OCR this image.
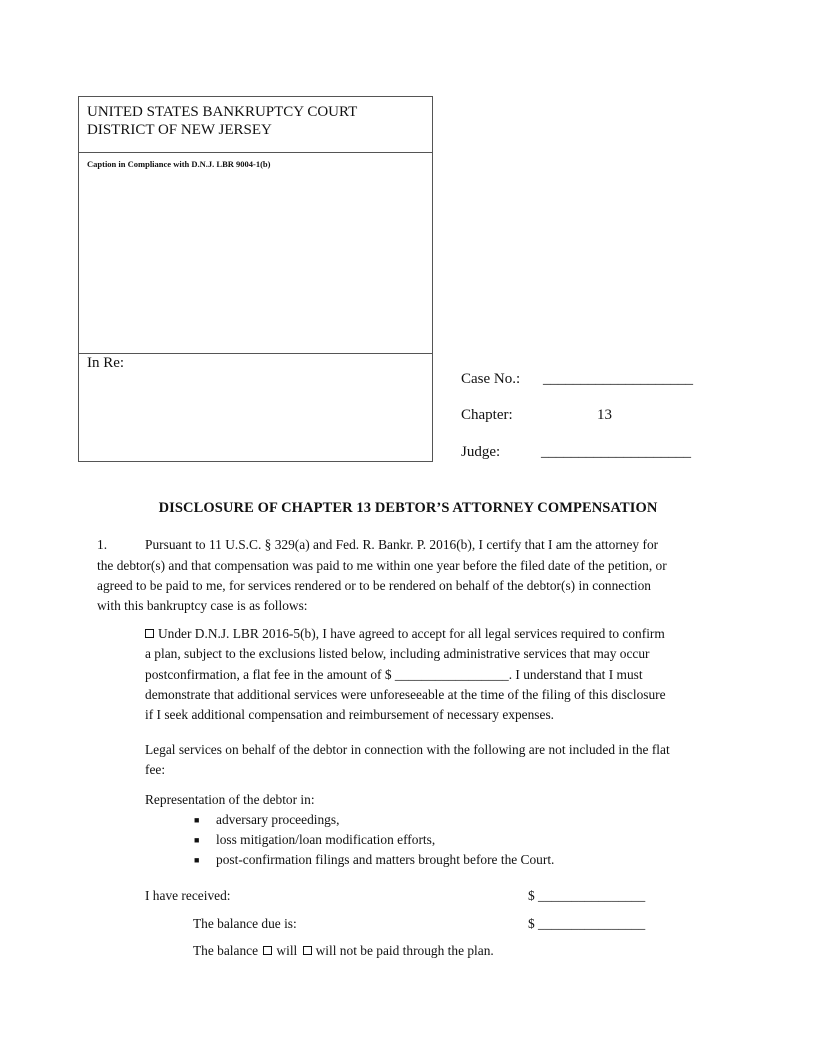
UNITED STATES BANKRUPTCY COURT
DISTRICT OF NEW JERSEY
Caption in Compliance with D.N.J. LBR 9004-1(b)
In Re:
Case No.: ____________________
Chapter:	13
Judge:	____________________
DISCLOSURE OF CHAPTER 13 DEBTOR’S ATTORNEY COMPENSATION
1.	Pursuant to 11 U.S.C. § 329(a) and Fed. R. Bankr. P. 2016(b), I certify that I am the attorney for
the debtor(s) and that compensation was paid to me within one year before the filed date of the petition, or
agreed to be paid to me, for services rendered or to be rendered on behalf of the debtor(s) in connection
with this bankruptcy case is as follows:
Under D.N.J. LBR 2016-5(b), I have agreed to accept for all legal services required to confirm
a plan, subject to the exclusions listed below, including administrative services that may occur
postconfirmation, a flat fee in the amount of $ _________________. I understand that I must
demonstrate that additional services were unforeseeable at the time of the filing of this disclosure
if I seek additional compensation and reimbursement of necessary expenses.
Legal services on behalf of the debtor in connection with the following are not included in the flat
fee:
Representation of the debtor in:
■ adversary proceedings,
■ loss mitigation/loan modification efforts,
■ post-confirmation filings and matters brought before the Court.
I have received:	$ ________________
The balance due is:	$ ________________
The balance will will not be paid through the plan.
